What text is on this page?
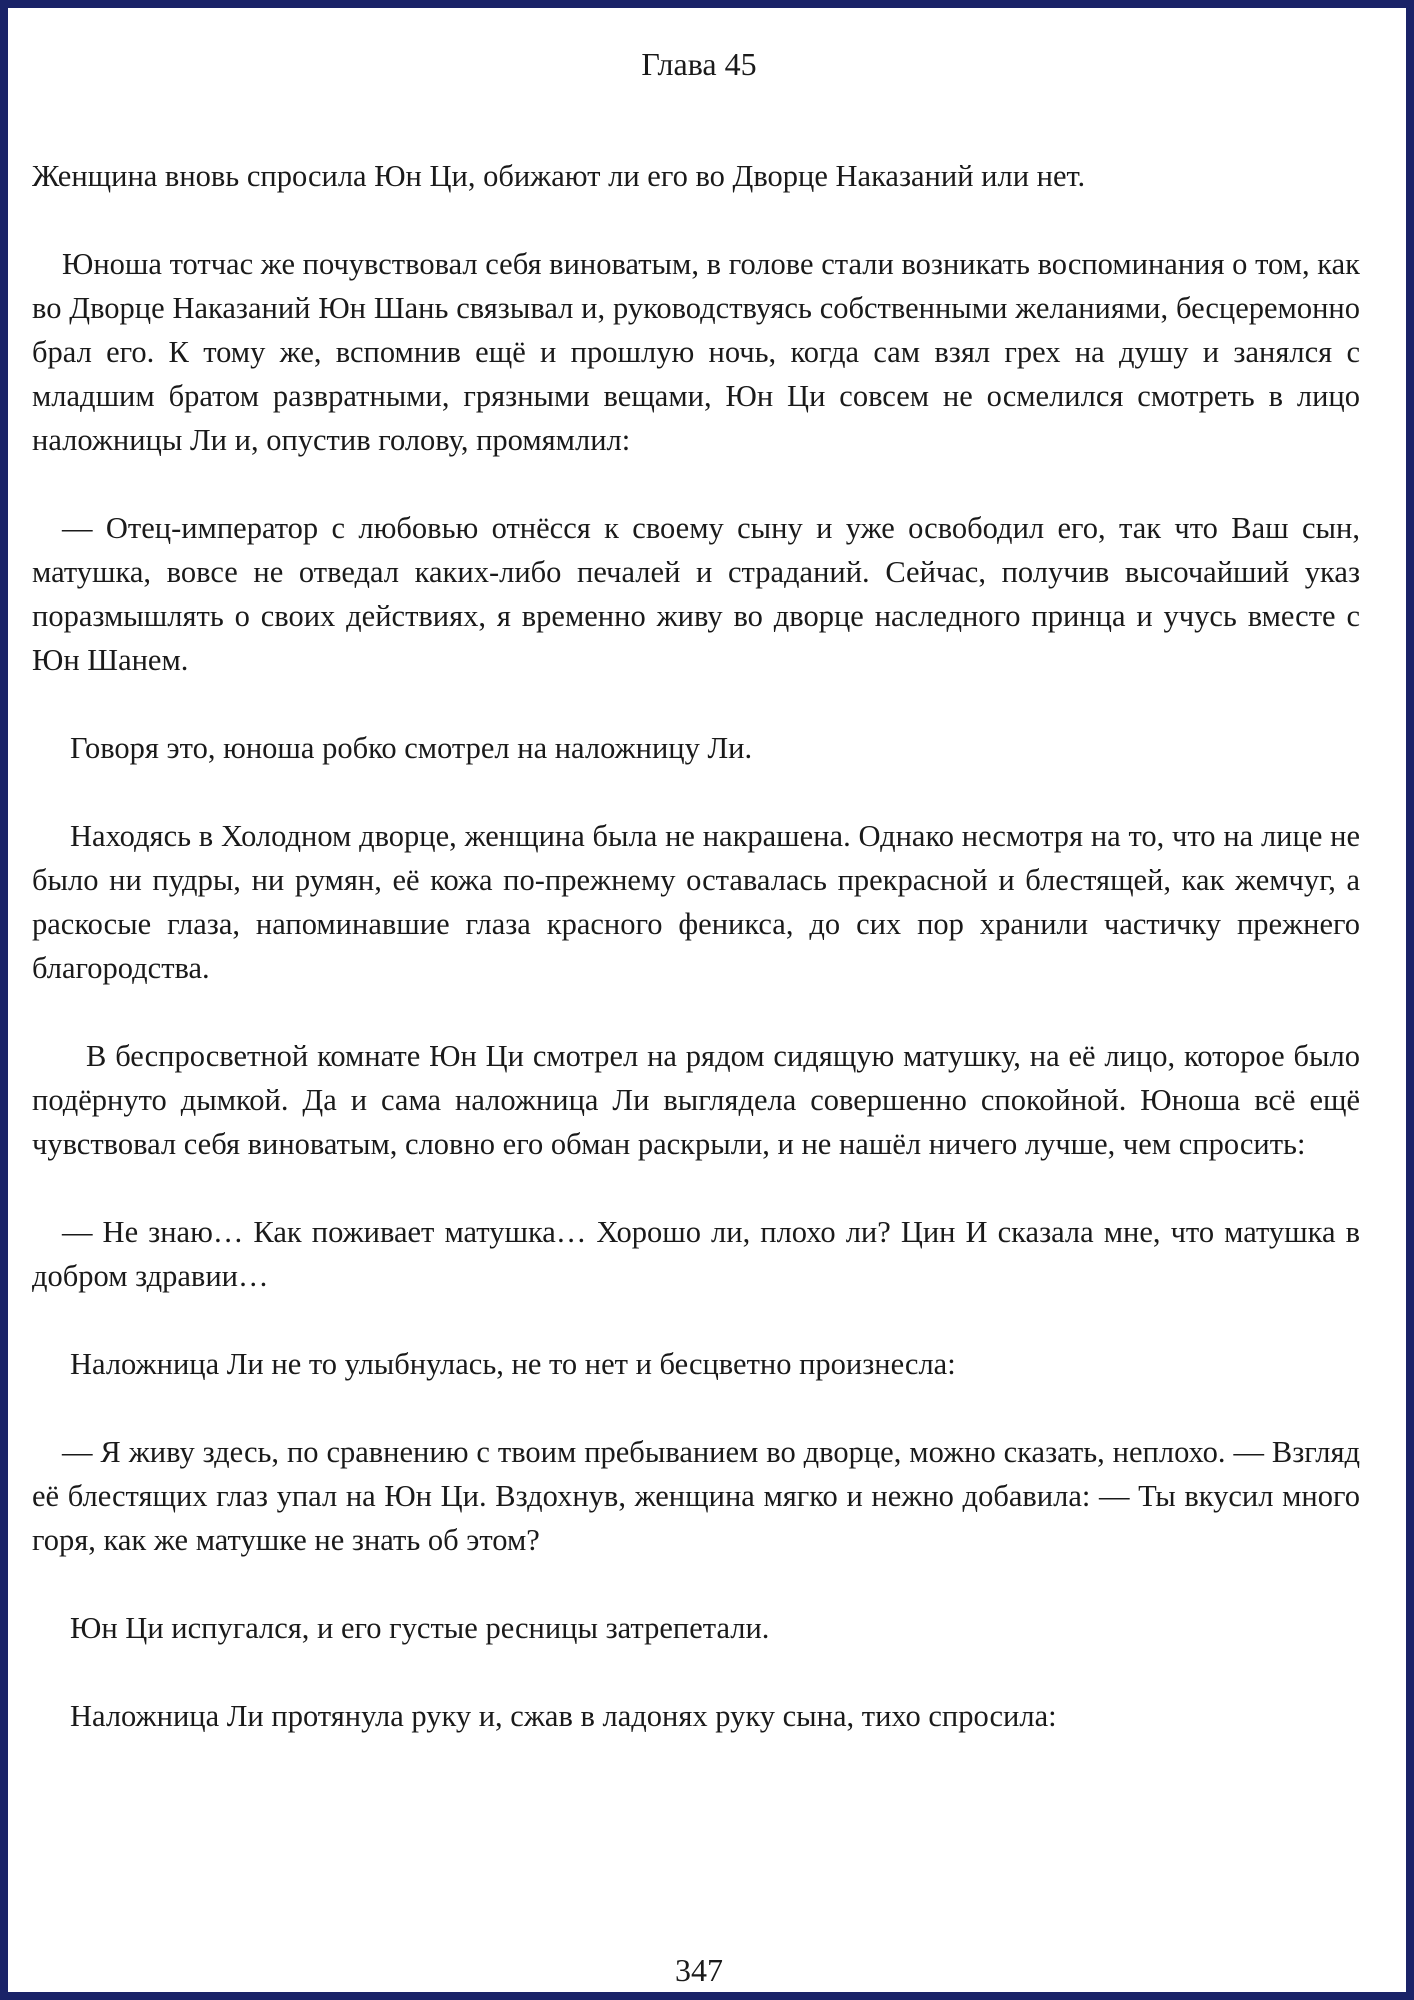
Глава 45

Женщина вновь спросила Юн Ци, обижают ли его во Дворце Наказаний или нет.

Юноша тотчас же почувствовал себя виноватым, в голове стали возникать воспоминания о том, как во Дворце Наказаний Юн Шань связывал и, руководствуясь собственными желаниями, бесцеремонно брал его. К тому же, вспомнив ещё и прошлую ночь, когда сам взял грех на душу и занялся с младшим братом развратными, грязными вещами, Юн Ци совсем не осмелился смотреть в лицо наложницы Ли и, опустив голову, промямлил:

— Отец-император с любовью отнёсся к своему сыну и уже освободил его, так что Ваш сын, матушка, вовсе не отведал каких-либо печалей и страданий. Сейчас, получив высочайший указ поразмышлять о своих действиях, я временно живу во дворце наследного принца и учусь вместе с Юн Шанем.

Говоря это, юноша робко смотрел на наложницу Ли.

Находясь в Холодном дворце, женщина была не накрашена. Однако несмотря на то, что на лице не было ни пудры, ни румян, её кожа по-прежнему оставалась прекрасной и блестящей, как жемчуг, а раскосые глаза, напоминавшие глаза красного феникса, до сих пор хранили частичку прежнего благородства.

В беспросветной комнате Юн Ци смотрел на рядом сидящую матушку, на её лицо, которое было подёрнуто дымкой. Да и сама наложница Ли выглядела совершенно спокойной. Юноша всё ещё чувствовал себя виноватым, словно его обман раскрыли, и не нашёл ничего лучше, чем спросить:

— Не знаю… Как поживает матушка… Хорошо ли, плохо ли? Цин И сказала мне, что матушка в добром здравии…

Наложница Ли не то улыбнулась, не то нет и бесцветно произнесла:

— Я живу здесь, по сравнению с твоим пребыванием во дворце, можно сказать, неплохо. — Взгляд её блестящих глаз упал на Юн Ци. Вздохнув, женщина мягко и нежно добавила: — Ты вкусил много горя, как же матушке не знать об этом?

Юн Ци испугался, и его густые ресницы затрепетали.

Наложница Ли протянула руку и, сжав в ладонях руку сына, тихо спросила:

347
